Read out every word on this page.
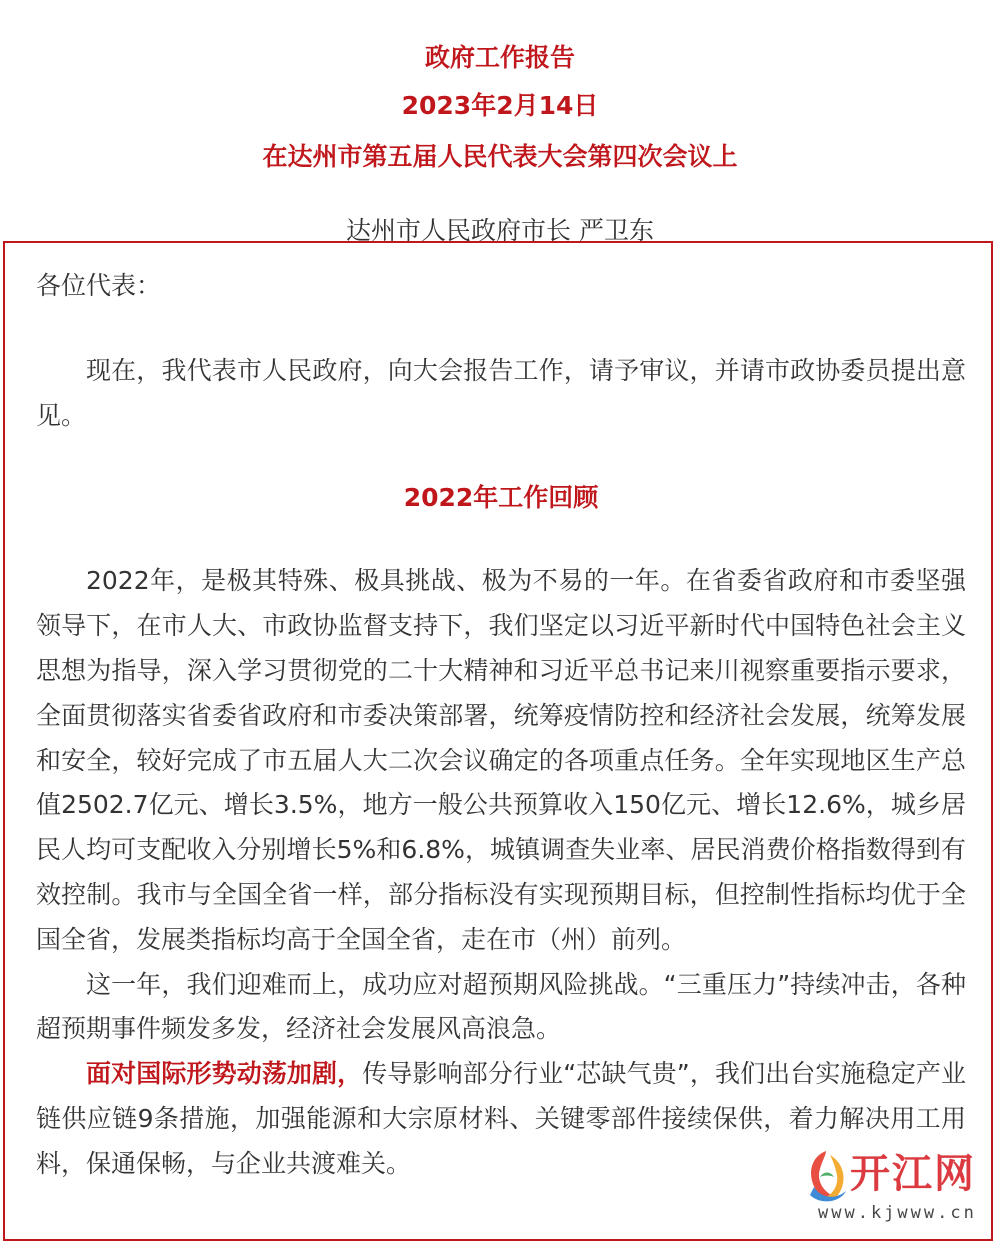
政府工作报告

2023年2月14日

在达州市第五届人民代表大会第四次会议上

达州市人民政府市长 严卫东

各位代表：

现在，我代表市人民政府，向大会报告工作，请予审议，并请市政协委员提出意见。

2022年工作回顾

2022年，是极其特殊、极具挑战、极为不易的一年。在省委省政府和市委坚强领导下，在市人大、市政协监督支持下，我们坚定以习近平新时代中国特色社会主义思想为指导，深入学习贯彻党的二十大精神和习近平总书记来川视察重要指示要求，全面贯彻落实省委省政府和市委决策部署，统筹疫情防控和经济社会发展，统筹发展和安全，较好完成了市五届人大二次会议确定的各项重点任务。全年实现地区生产总值2502.7亿元、增长3.5%，地方一般公共预算收入150亿元、增长12.6%，城乡居民人均可支配收入分别增长5%和6.8%，城镇调查失业率、居民消费价格指数得到有效控制。我市与全国全省一样，部分指标没有实现预期目标，但控制性指标均优于全国全省，发展类指标均高于全国全省，走在市（州）前列。

这一年，我们迎难而上，成功应对超预期风险挑战。“三重压力”持续冲击，各种超预期事件频发多发，经济社会发展风高浪急。

面对国际形势动荡加剧，传导影响部分行业“芯缺气贵”，我们出台实施稳定产业链供应链9条措施，加强能源和大宗原材料、关键零部件接续保供，着力解决用工用料，保通保畅，与企业共渡难关。	开江网
www.kjwww.cn
